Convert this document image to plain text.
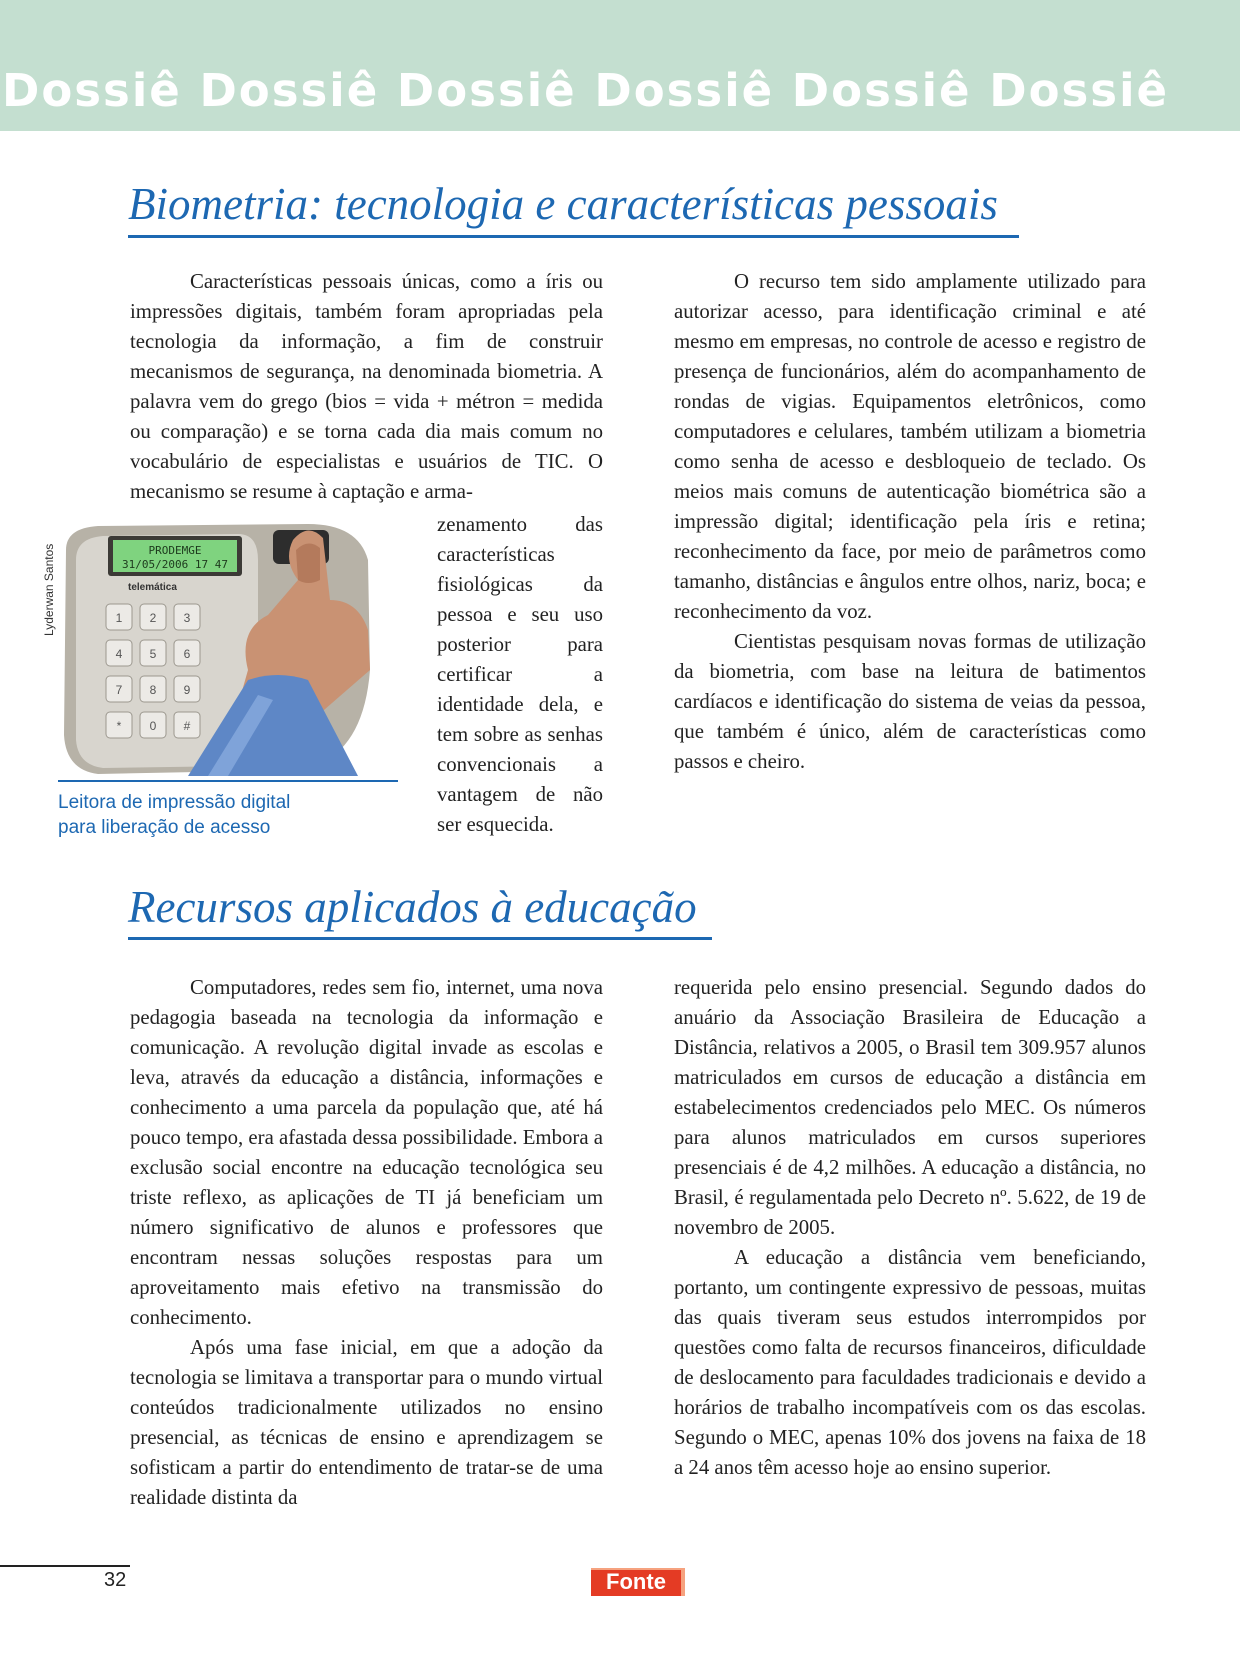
Dossiê Dossiê Dossiê Dossiê Dossiê Dossiê
Biometria: tecnologia e características pessoais

Características pessoais únicas, como a íris ou impressões digitais, também foram apropriadas pela tecnologia da informação, a fim de construir mecanismos de segurança, na denominada biometria. A palavra vem do grego (bios = vida + métron = medida ou comparação) e se torna cada dia mais comum no vocabulário de especialistas e usuários de TIC. O mecanismo se resume à captação e arma-

PRODEMGE
31/05/2006 17 47
telemática
1 2 3
4 5 6
7 8 9
* 0 #
Lyderwan Santos
Leitora de impressão digital
para liberação de acesso

zenamento das características fisiológicas da pessoa e seu uso posterior para certificar a identidade dela, e tem sobre as senhas convencionais a vantagem de não ser esquecida.

O recurso tem sido amplamente utilizado para autorizar acesso, para identificação criminal e até mesmo em empresas, no controle de acesso e registro de presença de funcionários, além do acompanhamento de rondas de vigias. Equipamentos eletrônicos, como computadores e celulares, também utilizam a biometria como senha de acesso e desbloqueio de teclado. Os meios mais comuns de autenticação biométrica são a impressão digital; identificação pela íris e retina; reconhecimento da face, por meio de parâmetros como tamanho, distâncias e ângulos entre olhos, nariz, boca; e reconhecimento da voz.

Cientistas pesquisam novas formas de utilização da biometria, com base na leitura de batimentos cardíacos e identificação do sistema de veias da pessoa, que também é único, além de características como passos e cheiro.

Recursos aplicados à educação

Computadores, redes sem fio, internet, uma nova pedagogia baseada na tecnologia da informação e comunicação. A revolução digital invade as escolas e leva, através da educação a distância, informações e conhecimento a uma parcela da população que, até há pouco tempo, era afastada dessa possibilidade. Embora a exclusão social encontre na educação tecnológica seu triste reflexo, as aplicações de TI já beneficiam um número significativo de alunos e professores que encontram nessas soluções respostas para um aproveitamento mais efetivo na transmissão do conhecimento.

Após uma fase inicial, em que a adoção da tecnologia se limitava a transportar para o mundo virtual conteúdos tradicionalmente utilizados no ensino presencial, as técnicas de ensino e aprendizagem se sofisticam a partir do entendimento de tratar-se de uma realidade distinta da

requerida pelo ensino presencial. Segundo dados do anuário da Associação Brasileira de Educação a Distância, relativos a 2005, o Brasil tem 309.957 alunos matriculados em cursos de educação a distância em estabelecimentos credenciados pelo MEC. Os números para alunos matriculados em cursos superiores presenciais é de 4,2 milhões. A educação a distância, no Brasil, é regulamentada pelo Decreto nº. 5.622, de 19 de novembro de 2005.

A educação a distância vem beneficiando, portanto, um contingente expressivo de pessoas, muitas das quais tiveram seus estudos interrompidos por questões como falta de recursos financeiros, dificuldade de deslocamento para faculdades tradicionais e devido a horários de trabalho incompatíveis com os das escolas. Segundo o MEC, apenas 10% dos jovens na faixa de 18 a 24 anos têm acesso hoje ao ensino superior.

32	Fonte
